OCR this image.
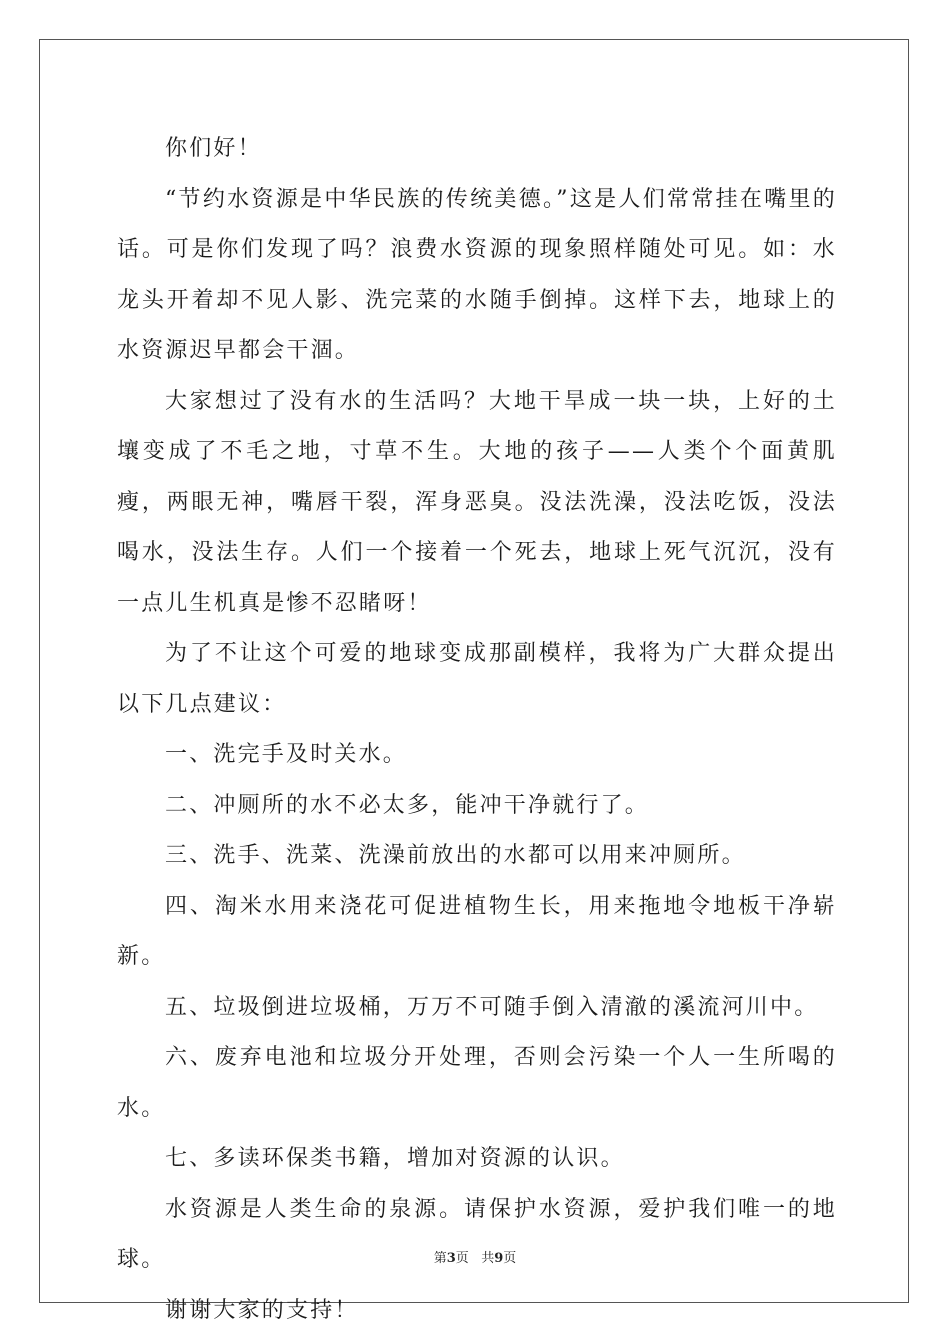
你们好！

“节约水资源是中华民族的传统美德。”这是人们常常挂在嘴里的话。可是你们发现了吗？浪费水资源的现象照样随处可见。如：水龙头开着却不见人影、洗完菜的水随手倒掉。这样下去，地球上的水资源迟早都会干涸。

大家想过了没有水的生活吗？大地干旱成一块一块，上好的土壤变成了不毛之地，寸草不生。大地的孩子——人类个个面黄肌瘦，两眼无神，嘴唇干裂，浑身恶臭。没法洗澡，没法吃饭，没法喝水，没法生存。人们一个接着一个死去，地球上死气沉沉，没有一点儿生机真是惨不忍睹呀！

为了不让这个可爱的地球变成那副模样，我将为广大群众提出以下几点建议：

一、洗完手及时关水。

二、冲厕所的水不必太多，能冲干净就行了。

三、洗手、洗菜、洗澡前放出的水都可以用来冲厕所。

四、淘米水用来浇花可促进植物生长，用来拖地令地板干净崭新。

五、垃圾倒进垃圾桶，万万不可随手倒入清澈的溪流河川中。

六、废弃电池和垃圾分开处理，否则会污染一个人一生所喝的水。

七、多读环保类书籍，增加对资源的认识。

水资源是人类生命的泉源。请保护水资源，爱护我们唯一的地球。

谢谢大家的支持！

第3页 共9页
